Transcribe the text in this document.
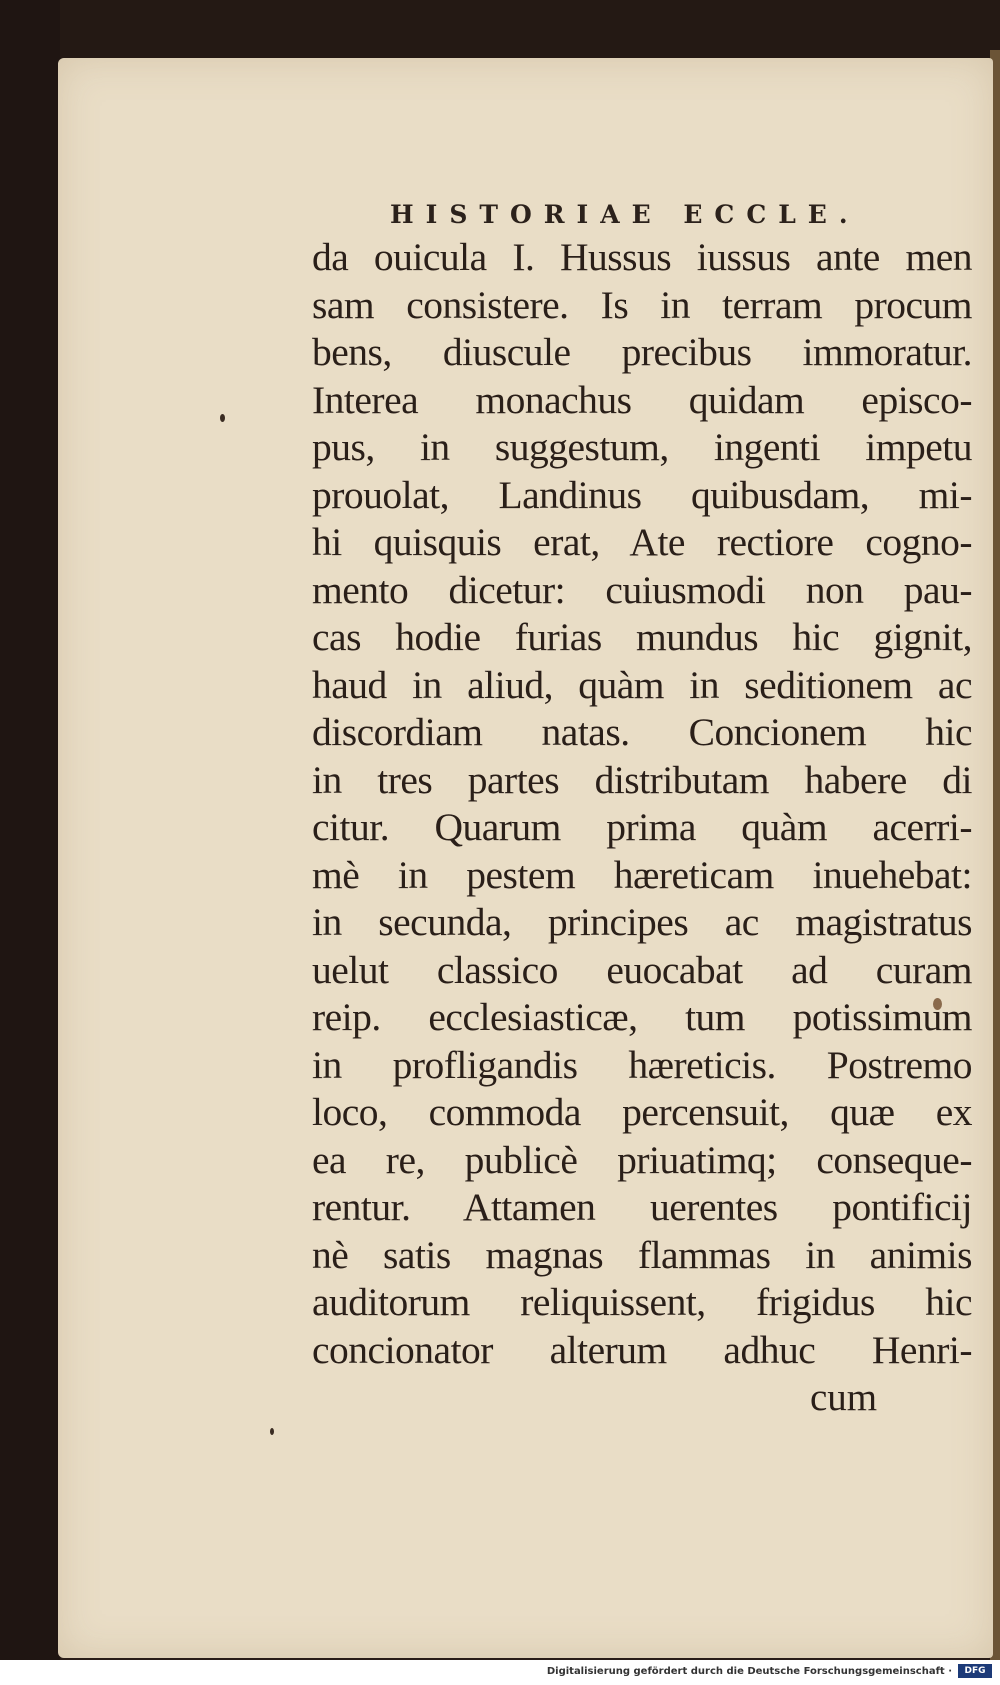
HISTORIAE ECCLE.
da ouicula I. Hussus iussus ante men
sam consistere. Is in terram procum
bens, diuscule precibus immoratur.
Interea monachus quidam episco-
pus, in suggestum, ingenti impetu
prouolat, Landinus quibusdam, mi-
hi quisquis erat, Ate rectiore cogno-
mento dicetur: cuiusmodi non pau-
cas hodie furias mundus hic gignit,
haud in aliud, quàm in seditionem ac
discordiam natas. Concionem hic
in tres partes distributam habere di
citur. Quarum prima quàm acerri-
mè in pestem hæreticam inuehebat:
in secunda, principes ac magistratus
uelut classico euocabat ad curam
reip. ecclesiasticæ, tum potissimum
in profligandis hæreticis. Postremo
loco, commoda percensuit, quæ ex
ea re, publicè priuatimq; conseque-
rentur. Attamen uerentes pontificij
nè satis magnas flammas in animis
auditorum reliquissent, frigidus hic
concionator alterum adhuc Henri-
cum
Digitalisierung gefördert durch die Deutsche Forschungsgemeinschaft ·	DFG
